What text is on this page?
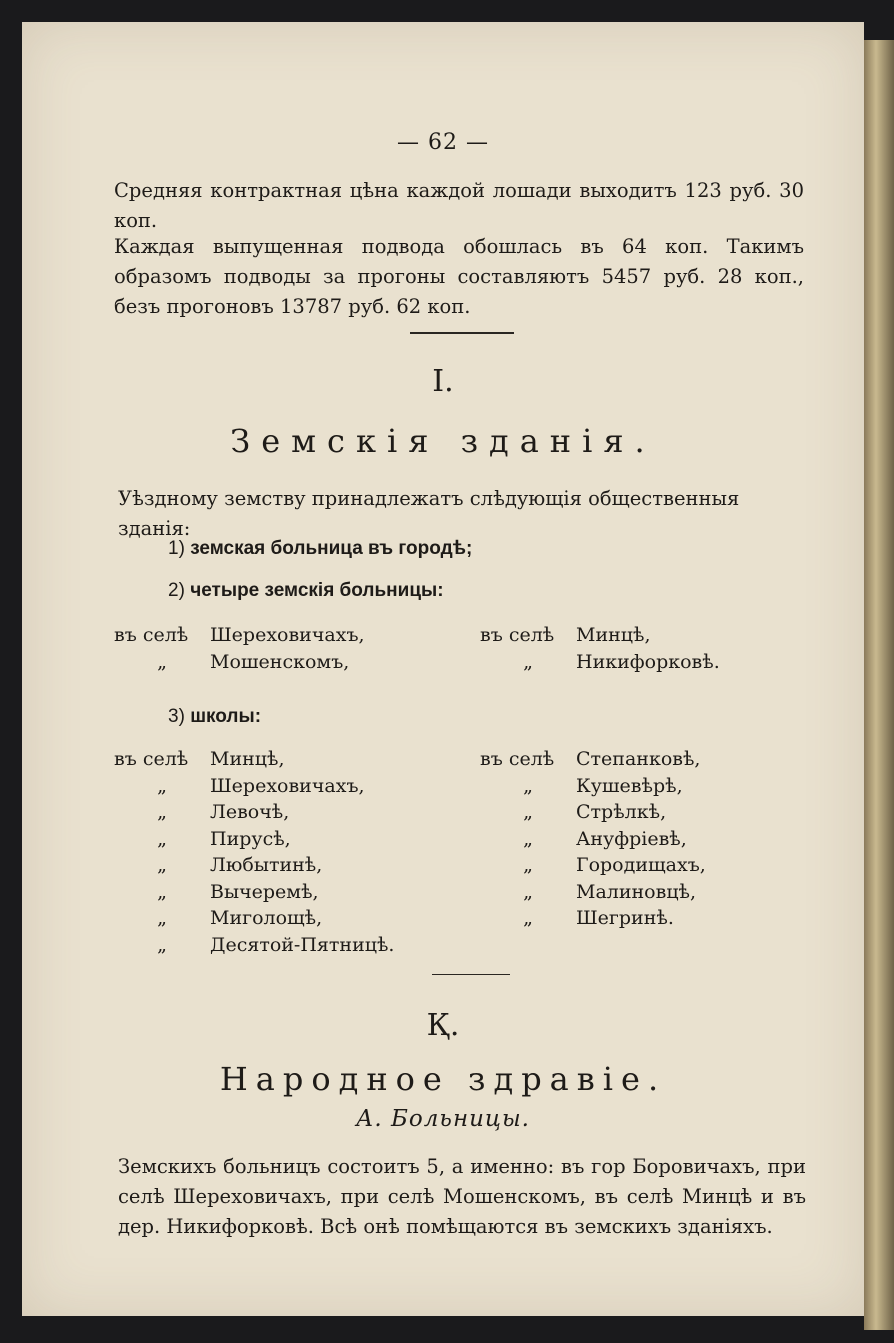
— 62 —

Средняя контрактная цѣна каждой лошади выходитъ 123 руб. 30 коп.

Каждая выпущенная подвода обошлась въ 64 коп. Такимъ образомъ подводы за прогоны составляютъ 5457 руб. 28 коп., безъ прогоновъ 13787 руб. 62 коп.

I.
Земскія зданія.

Уѣздному земству принадлежатъ слѣдующія общественныя зданія:

1) земская больница въ городѣ;
2) четыре земскія больницы:
въ селѣ Шереховичахъ,
„ Мошенскомъ,
въ селѣ Минцѣ,
„ Никифорковѣ.
3) школы:
въ селѣ Минцѣ,
„ Шереховичахъ,
„ Левочѣ,
„ Пирусѣ,
„ Любытинѣ,
„ Вычеремѣ,
„ Миголощѣ,
„ Десятой-Пятницѣ.
въ селѣ Степанковѣ,
„ Кушевѣрѣ,
„ Стрѣлкѣ,
„ Ануфріевѣ,
„ Городищахъ,
„ Малиновцѣ,
„ Шегринѣ.
Қ.
Народное здравіе.
А. Больницы.

Земскихъ больницъ состоитъ 5, а именно: въ гор Боровичахъ, при селѣ Шереховичахъ, при селѣ Мошенскомъ, въ селѣ Минцѣ и въ дер. Никифорковѣ. Всѣ онѣ помѣщаются въ земскихъ зданіяхъ.
